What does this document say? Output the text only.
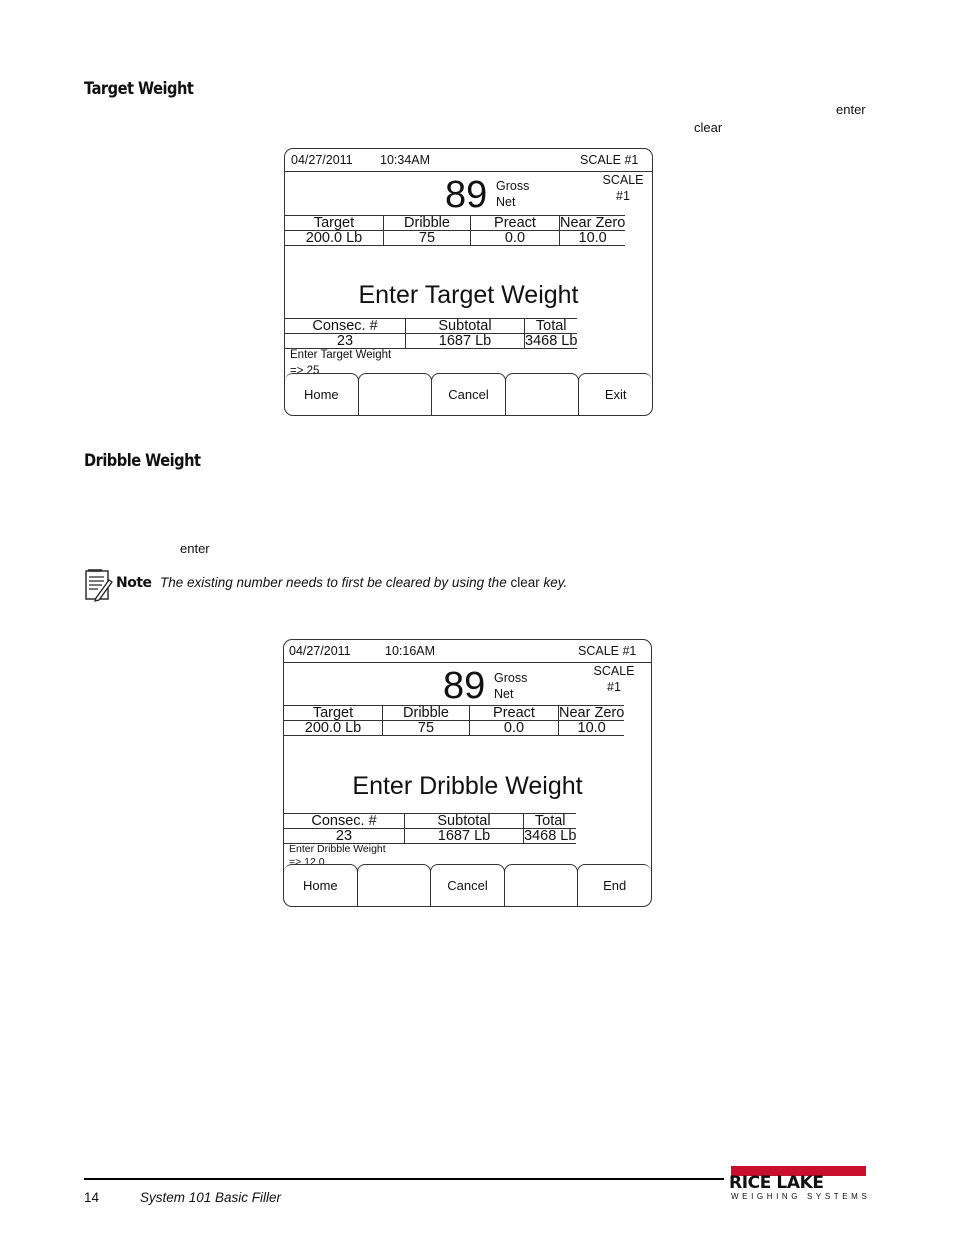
Target Weight
Dribble Weight
enter
clear
enter
Note The existing number needs to first be cleared by using the clear key.
04/27/2011 10:34AM	SCALE #1
89 Gross
Net
SCALE
#1
Target	Dribble	Preact	Near Zero
200.0 Lb	75	0.0	10.0
Enter Target Weight
Consec. #	Subtotal	Total
23	1687 Lb	3468 Lb
Enter Target Weight
=> 25
Home	Cancel	Exit
04/27/2011	10:16AM	SCALE #1
89 Gross
Net
SCALE
#1
Target	Dribble	Preact	Near Zero
200.0 Lb	75	0.0	10.0
Enter Dribble Weight
Consec. #	Subtotal	Total
23	1687 Lb	3468 Lb
Enter Dribble Weight
=> 12.0
Home	Cancel	End
14	System 101 Basic Filler
RICE LAKE
WEIGHING SYSTEMS
